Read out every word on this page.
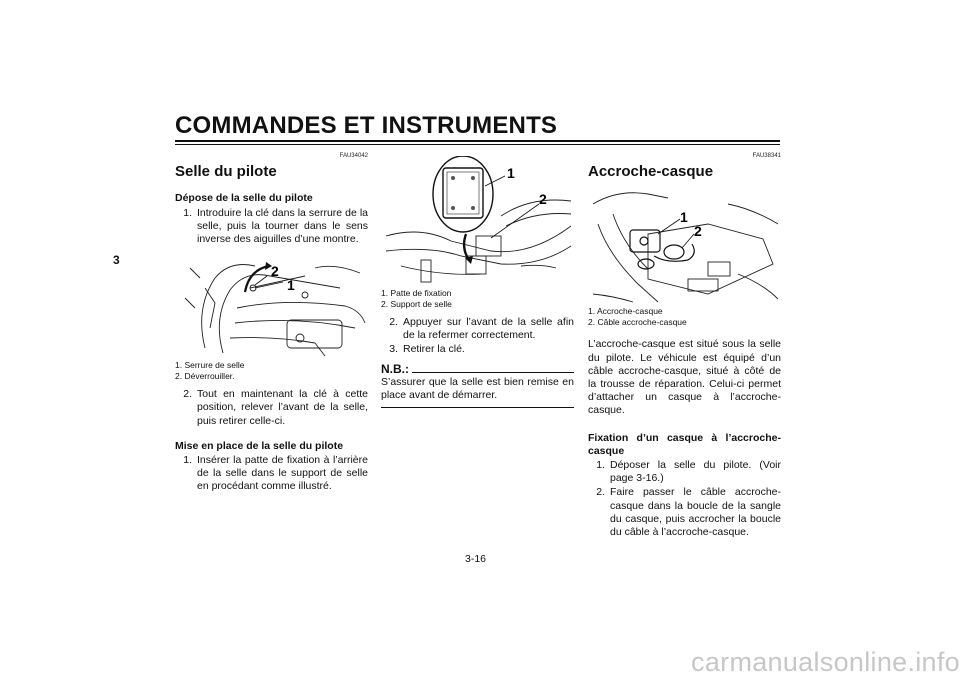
COMMANDES ET INSTRUMENTS
3
FAU34042
Selle du pilote
Dépose de la selle du pilote
1. Introduire la clé dans la serrure de la selle, puis la tourner dans le sens inverse des aiguilles d’une montre.
2
1
1. Serrure de selle
2. Déverrouiller.
2. Tout en maintenant la clé à cette position, relever l’avant de la selle, puis retirer celle-ci.
Mise en place de la selle du pilote
1. Insérer la patte de fixation à l’arrière de la selle dans le support de selle en procédant comme illustré.
1
2
1. Patte de fixation
2. Support de selle
2. Appuyer sur l’avant de la selle afin de la refermer correctement.
3. Retirer la clé.
N.B.:
S’assurer que la selle est bien remise en place avant de démarrer.
FAU38341
Accroche-casque
1
2
1. Accroche-casque
2. Câble accroche-casque
L’accroche-casque est situé sous la selle du pilote. Le véhicule est équipé d’un câble accroche-casque, situé à côté de la trousse de réparation. Celui-ci permet d’attacher un casque à l’accroche-casque.
Fixation d’un casque à l’accroche-casque
1. Déposer la selle du pilote. (Voir page 3-16.)
2. Faire passer le câble accroche-casque dans la boucle de la sangle du casque, puis accrocher la boucle du câble à l’accroche-casque.
3-16
carmanualsonline.info
